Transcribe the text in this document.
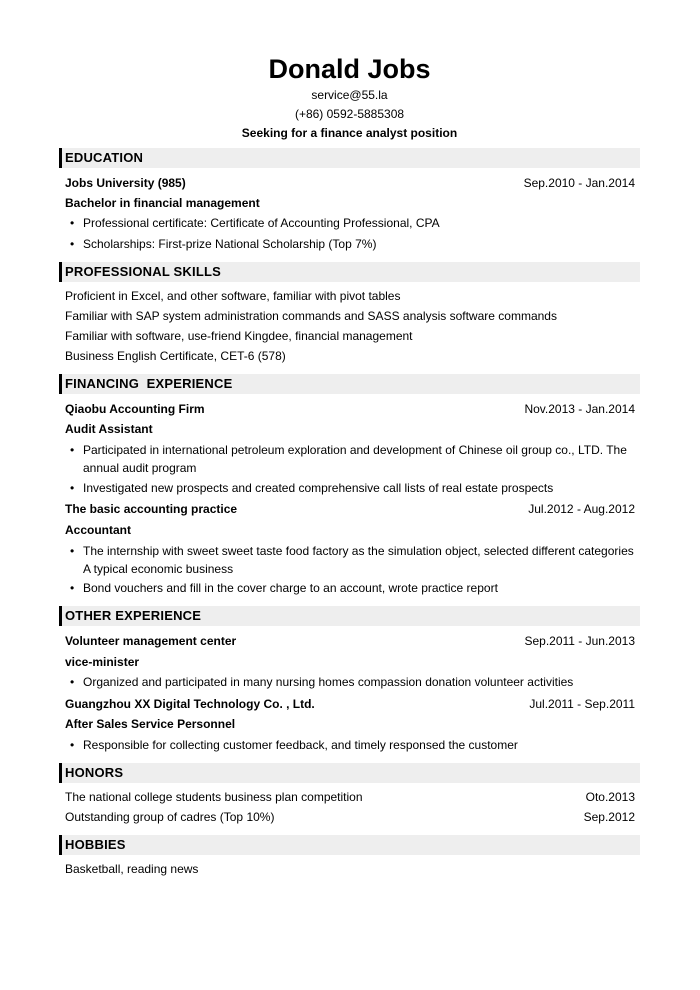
Donald Jobs
service@55.la
(+86) 0592-5885308
Seeking for a finance analyst position
EDUCATION
Jobs University (985)	Sep.2010 - Jan.2014
Bachelor in financial management
• Professional certificate: Certificate of Accounting Professional, CPA
• Scholarships: First-prize National Scholarship (Top 7%)
PROFESSIONAL SKILLS
Proficient in Excel, and other software, familiar with pivot tables
Familiar with SAP system administration commands and SASS analysis software commands
Familiar with software, use-friend Kingdee, financial management
Business English Certificate, CET-6 (578)
FINANCING  EXPERIENCE
Qiaobu Accounting Firm	Nov.2013 - Jan.2014
Audit Assistant
• Participated in international petroleum exploration and development of Chinese oil group co., LTD. The annual audit program
• Investigated new prospects and created comprehensive call lists of real estate prospects
The basic accounting practice	Jul.2012 - Aug.2012
Accountant
• The internship with sweet sweet taste food factory as the simulation object, selected different categories A typical economic business
• Bond vouchers and fill in the cover charge to an account, wrote practice report
OTHER EXPERIENCE
Volunteer management center	Sep.2011 - Jun.2013
vice-minister
• Organized and participated in many nursing homes compassion donation volunteer activities
Guangzhou XX Digital Technology Co. , Ltd.	Jul.2011 - Sep.2011
After Sales Service Personnel
• Responsible for collecting customer feedback, and timely responsed the customer
HONORS
The national college students business plan competition	Oto.2013
Outstanding group of cadres (Top 10%)	Sep.2012
HOBBIES
Basketball, reading news
